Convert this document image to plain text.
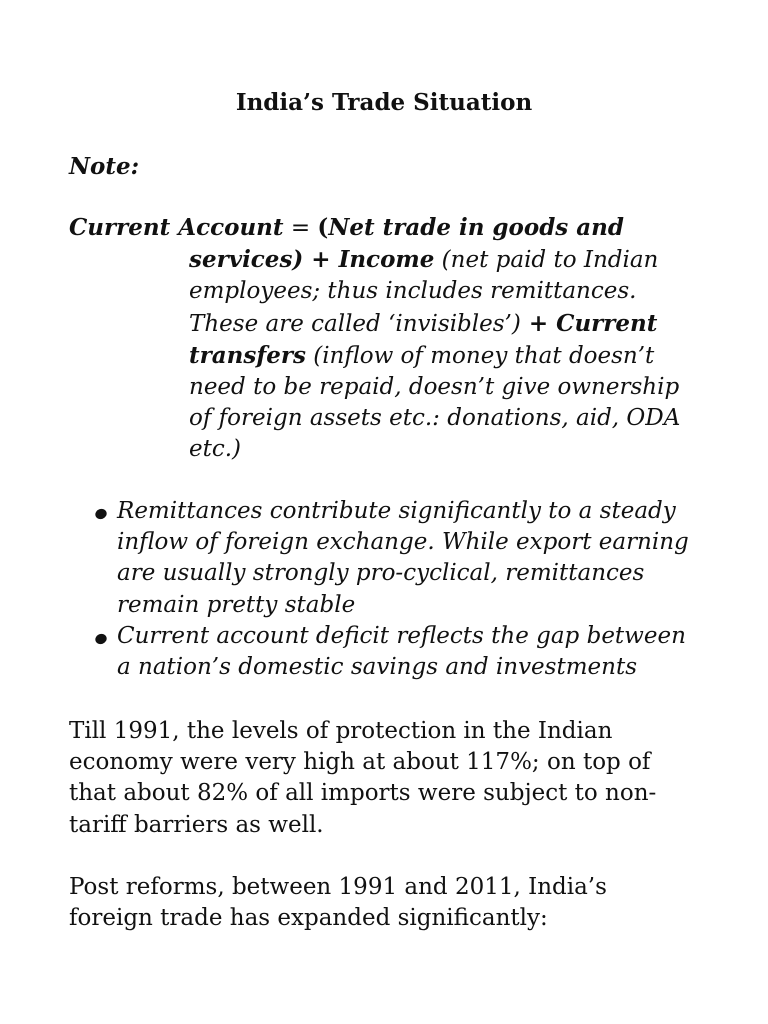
India’s Trade Situation
Note:
Current Account = (Net trade in goods and
services) + Income (net paid to Indian
employees; thus includes remittances.
These are called ‘invisibles’) + Current
transfers (inflow of money that doesn’t
need to be repaid, doesn’t give ownership
of foreign assets etc.: donations, aid, ODA
etc.)
Remittances contribute significantly to a steady
inflow of foreign exchange. While export earning
are usually strongly pro-cyclical, remittances
remain pretty stable
Current account deficit reflects the gap between
a nation’s domestic savings and investments
Till 1991, the levels of protection in the Indian
economy were very high at about 117%; on top of
that about 82% of all imports were subject to non-
tariff barriers as well.
Post reforms, between 1991 and 2011, India’s
foreign trade has expanded significantly:
